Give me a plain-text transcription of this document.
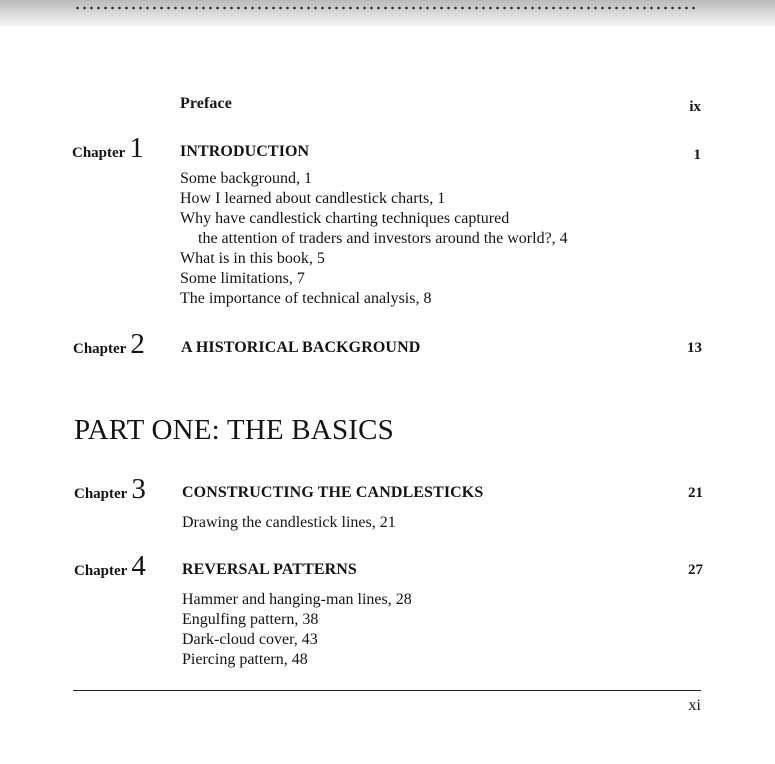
Preface	ix
Chapter 1 INTRODUCTION	1
Some background, 1
How I learned about candlestick charts, 1
Why have candlestick charting techniques captured
the attention of traders and investors around the world?, 4
What is in this book, 5
Some limitations, 7
The importance of technical analysis, 8
Chapter 2 A HISTORICAL BACKGROUND	13
PART ONE: THE BASICS
Chapter 3 CONSTRUCTING THE CANDLESTICKS	21
Drawing the candlestick lines, 21
Chapter 4 REVERSAL PATTERNS	27
Hammer and hanging-man lines, 28
Engulfing pattern, 38
Dark-cloud cover, 43
Piercing pattern, 48
xi
